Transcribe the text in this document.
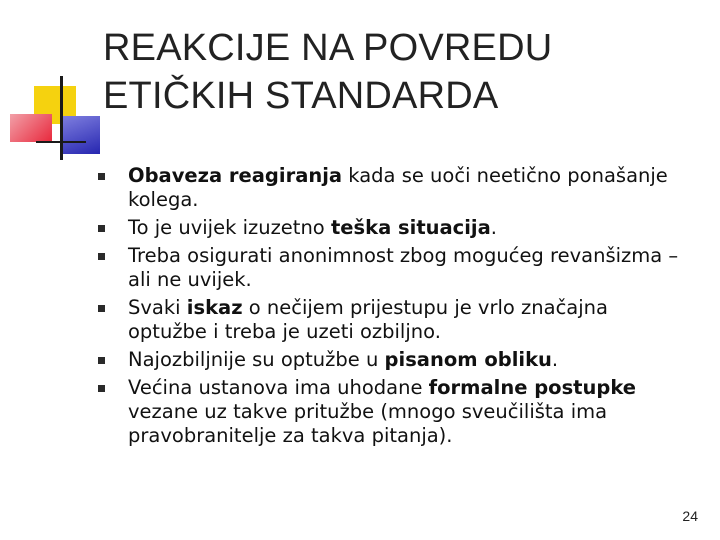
REAKCIJE NA POVREDU
ETIČKIH STANDARDA
Obaveza reagiranja kada se uoči neetično ponašanje kolega.
To je uvijek izuzetno teška situacija.
Treba osigurati anonimnost zbog mogućeg revanšizma – ali ne uvijek.
Svaki iskaz o nečijem prijestupu je vrlo značajna optužbe i treba je uzeti ozbiljno.
Najozbiljnije su optužbe u pisanom obliku.
Većina ustanova ima uhodane formalne postupke vezane uz takve pritužbe (mnogo sveučilišta ima pravobranitelje za takva pitanja).
24
